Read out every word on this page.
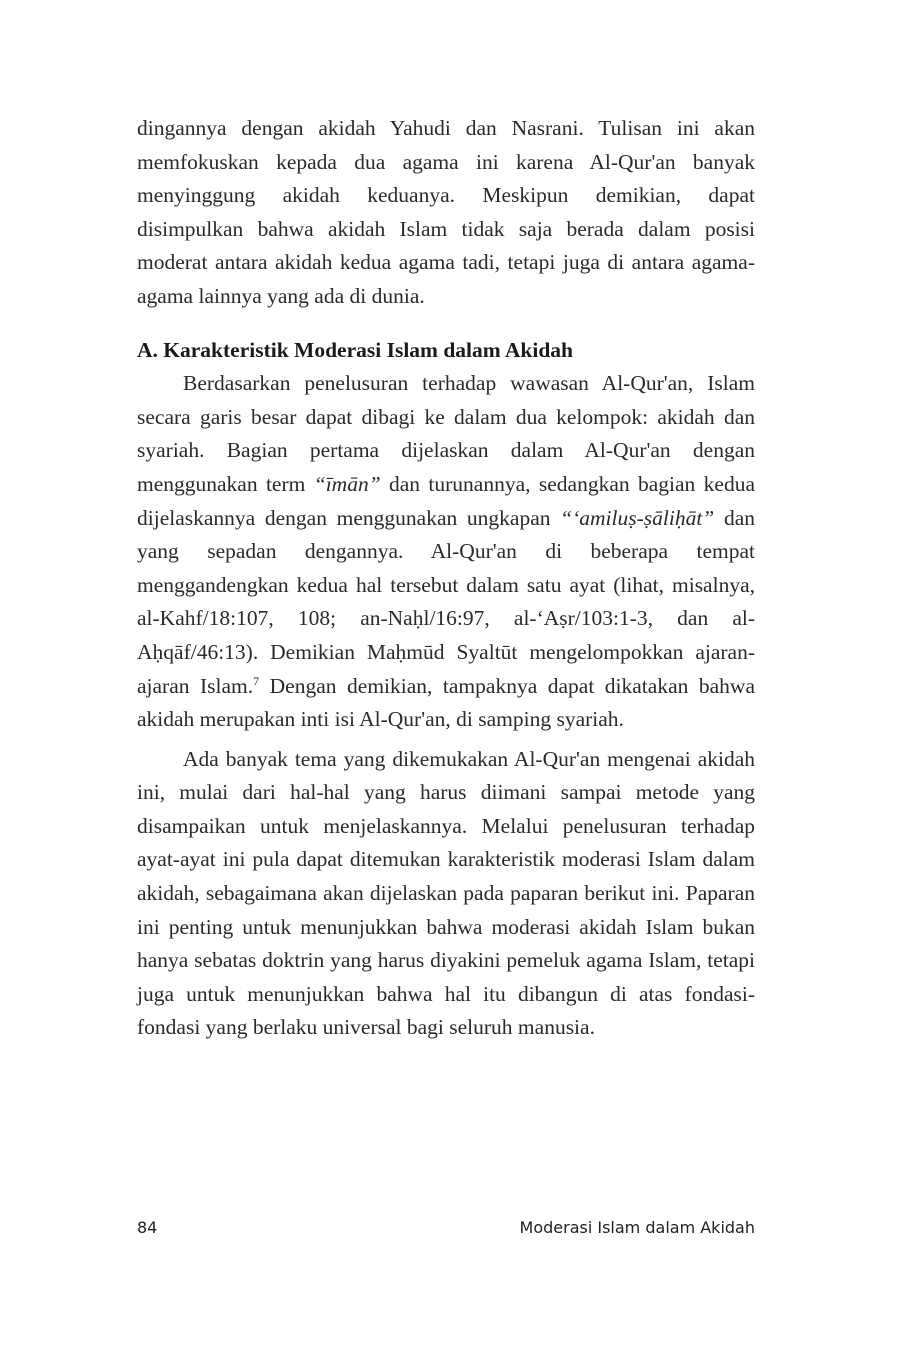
dingannya dengan akidah Yahudi dan Nasrani. Tulisan ini akan memfokuskan kepada dua agama ini karena Al-Qur'an banyak menyinggung akidah keduanya. Meskipun demikian, dapat disimpulkan bahwa akidah Islam tidak saja berada dalam posisi moderat antara akidah kedua agama tadi, tetapi juga di antara agama-agama lainnya yang ada di dunia.

A. Karakteristik Moderasi Islam dalam Akidah

Berdasarkan penelusuran terhadap wawasan Al-Qur'an, Islam secara garis besar dapat dibagi ke dalam dua kelompok: akidah dan syariah. Bagian pertama dijelaskan dalam Al-Qur'an dengan menggunakan term “īmān” dan turunannya, sedangkan bagian kedua dijelaskannya dengan menggunakan ungkapan “‘amiluṣ-ṣāliḥāt” dan yang sepadan dengannya. Al-Qur'an di beberapa tempat menggandengkan kedua hal tersebut dalam satu ayat (lihat, misalnya, al-Kahf/18:107, 108; an-Naḥl/16:97, al-‘Aṣr/103:1-3, dan al-Aḥqāf/46:13). Demikian Maḥmūd Syaltūt mengelompokkan ajaran-ajaran Islam.$^7$ Dengan demikian, tampaknya dapat dikatakan bahwa akidah merupakan inti isi Al-Qur'an, di samping syariah.

Ada banyak tema yang dikemukakan Al-Qur'an mengenai akidah ini, mulai dari hal-hal yang harus diimani sampai metode yang disampaikan untuk menjelaskannya. Melalui penelusuran terhadap ayat-ayat ini pula dapat ditemukan karakteristik moderasi Islam dalam akidah, sebagaimana akan dijelaskan pada paparan berikut ini. Paparan ini penting untuk menunjukkan bahwa moderasi akidah Islam bukan hanya sebatas doktrin yang harus diyakini pemeluk agama Islam, tetapi juga untuk menunjukkan bahwa hal itu dibangun di atas fondasi-fondasi yang berlaku universal bagi seluruh manusia.

84	Moderasi Islam dalam Akidah
